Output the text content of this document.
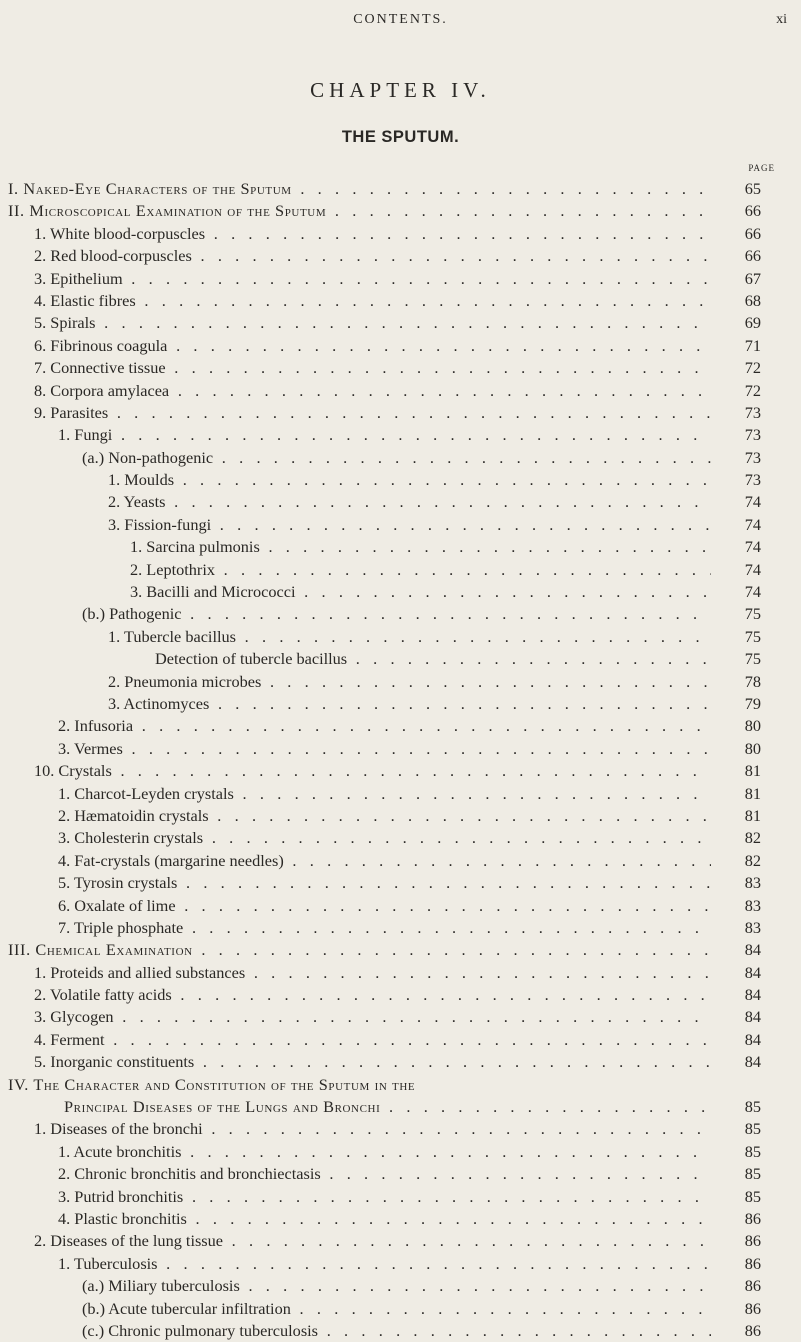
CONTENTS.	xi
CHAPTER IV.
THE SPUTUM.
PAGE
I. Naked-Eye Characters of the Sputum . . .	65
II. Microscopical Examination of the Sputum . . .	66
1. White blood-corpuscles . . .	66
2. Red blood-corpuscles . . .	66
3. Epithelium . . .	67
4. Elastic fibres . . .	68
5. Spirals . . .	69
6. Fibrinous coagula . . .	71
7. Connective tissue . . .	72
8. Corpora amylacea . . .	72
9. Parasites . . .	73
1. Fungi . . .	73
(a.) Non-pathogenic . . .	73
1. Moulds . . .	73
2. Yeasts . . .	74
3. Fission-fungi . . .	74
1. Sarcina pulmonis . . .	74
2. Leptothrix . . .	74
3. Bacilli and Micrococci . . .	74
(b.) Pathogenic . . .	75
1. Tubercle bacillus . . .	75
Detection of tubercle bacillus . . .	75
2. Pneumonia microbes . . .	78
3. Actinomyces . . .	79
2. Infusoria . . .	80
3. Vermes . . .	80
10. Crystals . . .	81
1. Charcot-Leyden crystals . . .	81
2. Hæmatoidin crystals . . .	81
3. Cholesterin crystals . . .	82
4. Fat-crystals (margarine needles) . . .	82
5. Tyrosin crystals . . .	83
6. Oxalate of lime . . .	83
7. Triple phosphate . . .	83
III. Chemical Examination . . .	84
1. Proteids and allied substances . . .	84
2. Volatile fatty acids . . .	84
3. Glycogen . . .	84
4. Ferment . . .	84
5. Inorganic constituents . . .	84
IV. The Character and Constitution of the Sputum in the
Principal Diseases of the Lungs and Bronchi . . .	85
1. Diseases of the bronchi . . .	85
1. Acute bronchitis . . .	85
2. Chronic bronchitis and bronchiectasis . . .	85
3. Putrid bronchitis . . .	85
4. Plastic bronchitis . . .	86
2. Diseases of the lung tissue . . .	86
1. Tuberculosis . . .	86
(a.) Miliary tuberculosis . . .	86
(b.) Acute tubercular infiltration . . .	86
(c.) Chronic pulmonary tuberculosis . . .	86
